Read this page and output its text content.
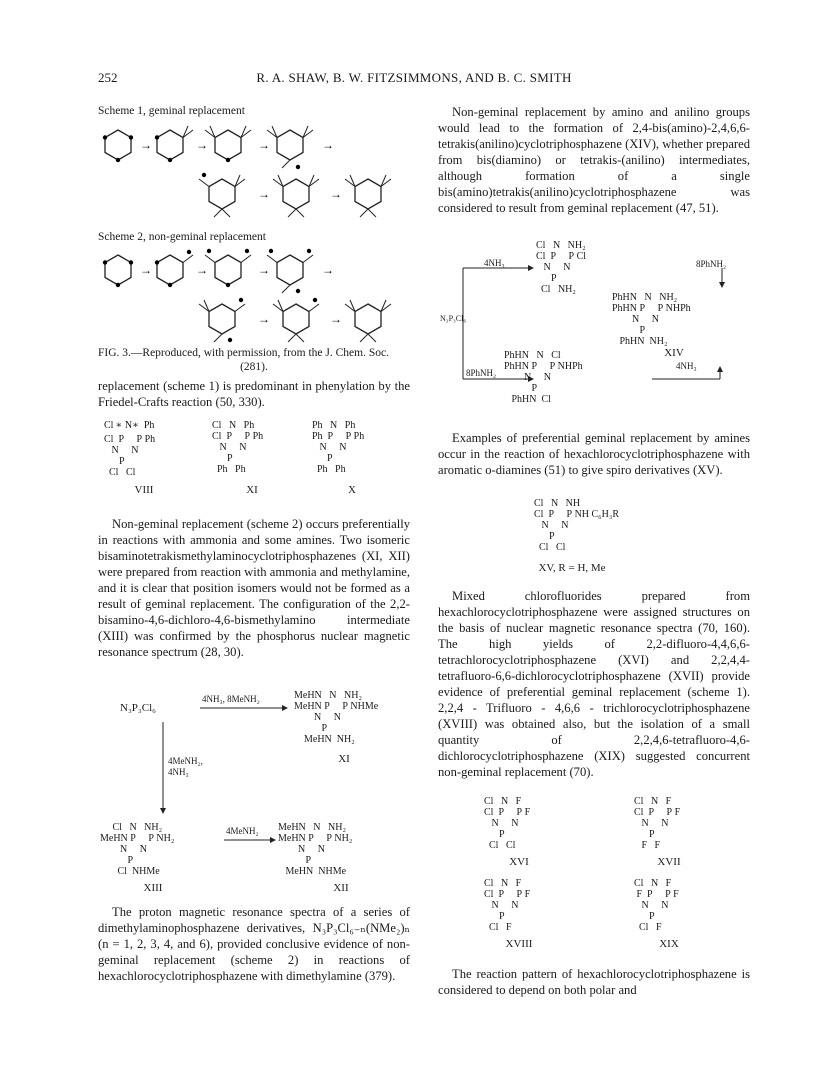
R. A. SHAW, B. W. FITZSIMMONS, AND B. C. SMITH
252
Scheme 1, geminal replacement
→	→	→	→
→	→
→	→	→	→
→	→
Scheme 2, non-geminal replacement
FIG. 3.—Reproduced, with permission, from the J. Chem. Soc.
(281).
replacement (scheme 1) is predominant in phenylation by the Friedel-Crafts reaction (50, 330).
Cl ∗ N∗  Ph
Cl  P     P Ph
N     N
P
Cl   Cl
VIII
Cl   N   Ph
Cl  P     P Ph
N     N
P
Ph   Ph
XI
Ph   N   Ph
Ph  P     P Ph
N     N
P
Ph   Ph
X
Non-geminal replacement (scheme 2) occurs preferentially in reactions with ammonia and some amines. Two isomeric bisaminotetrakismethylaminocyclotriphosphazenes (XI, XII) were prepared from reaction with ammonia and methylamine, and it is clear that position isomers would not be formed as a result of geminal replacement. The configuration of the 2,2-bisamino-4,6-dichloro-4,6-bismethylamino intermediate (XIII) was confirmed by the phosphorus nuclear magnetic resonance spectrum (28, 30).
N₃P₃Cl₆
4NH₃, 8MeNH₂
4MeNH₂,
4NH₃
4MeNH₂
MeHN   N   NH₂
MeHN P     P NHMe
N     N
P
MeHN  NH₂
XI
Cl   N   NH₂
MeHN P     P NH₂
N     N
P
Cl  NHMe
XIII
MeHN   N   NH₂
MeHN P     P NH₂
N     N
P
MeHN  NHMe
XII
The proton magnetic resonance spectra of a series of dimethylaminophosphazene derivatives, N₃P₃Cl₆₋ₙ(NMe₂)ₙ (n = 1, 2, 3, 4, and 6), provided conclusive evidence of non-geminal replacement (scheme 2) in reactions of hexachlorocyclotriphosphazene with dimethylamine (379).
Non-geminal replacement by amino and anilino groups would lead to the formation of 2,4-bis(amino)-2,4,6,6-tetrakis(anilino)cyclotriphosphazene (XIV), whether prepared from bis(diamino) or tetrakis-(anilino) intermediates, although formation of a single bis(amino)tetrakis(anilino)cyclotriphosphazene was considered to result from geminal replacement (47, 51).
4NH₃	8PhNH₂
N₃P₃Cl₆
8PhNH₂
4NH₃
Cl   N   NH₂
Cl  P     P Cl
N     N
P
Cl   NH₂
PhHN   N   NH₂
PhHN P     P NHPh
N     N
P
PhHN  NH₂
XIV
PhHN   N   Cl
PhHN P     P NHPh
N     N
P
PhHN  Cl
Examples of preferential geminal replacement by amines occur in the reaction of hexachlorocyclotriphosphazene with aromatic o-diamines (51) to give spiro derivatives (XV).
Cl   N   NH
Cl  P     P NH C₆H₃R
N     N
P
Cl   Cl
XV, R = H, Me
Mixed chlorofluorides prepared from hexachlorocyclotriphosphazene were assigned structures on the basis of nuclear magnetic resonance spectra (70, 160). The high yields of 2,2-difluoro-4,4,6,6-tetrachlorocyclotriphosphazene (XVI) and 2,2,4,4-tetrafluoro-6,6-dichlorocyclotriphosphazene (XVII) provide evidence of preferential geminal replacement (scheme 1). 2,2,4 - Trifluoro - 4,6,6 - trichlorocyclotriphosphazene (XVIII) was obtained also, but the isolation of a small quantity of 2,2,4,6-tetrafluoro-4,6-dichlorocyclotriphosphazene (XIX) suggested concurrent non-geminal replacement (70).
Cl   N   F
Cl  P     P F
N     N
P
Cl   Cl
XVI
Cl   N   F
Cl  P     P F
N     N
P
F   F
XVII
Cl   N   F
Cl  P     P F
N     N
P
Cl   F
XVIII
Cl   N   F
F  P     P F
N     N
P
Cl   F
XIX
The reaction pattern of hexachlorocyclotriphosphazene is considered to depend on both polar and
